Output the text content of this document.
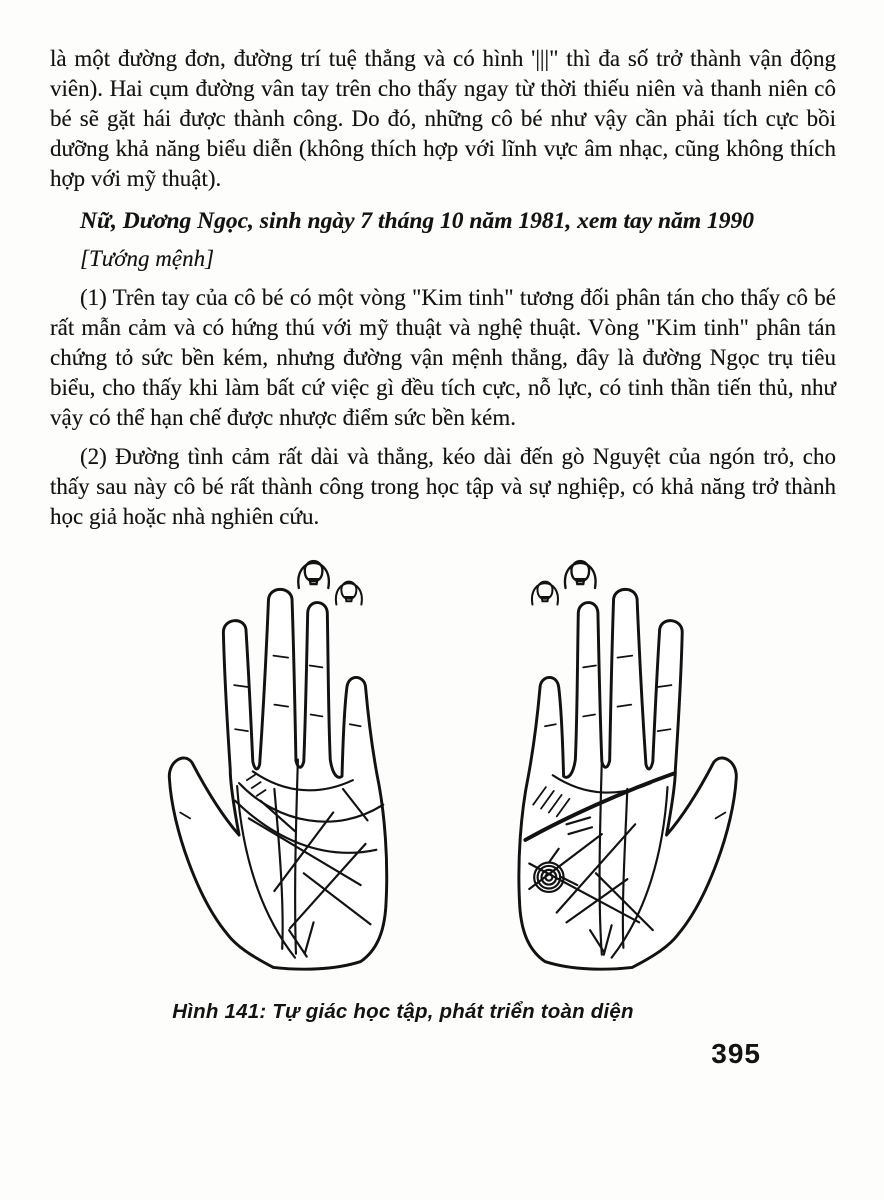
là một đường đơn, đường trí tuệ thẳng và có hình '|||" thì đa số trở thành vận động viên). Hai cụm đường vân tay trên cho thấy ngay từ thời thiếu niên và thanh niên cô bé sẽ gặt hái được thành công. Do đó, những cô bé như vậy cần phải tích cực bồi dưỡng khả năng biểu diễn (không thích hợp với lĩnh vực âm nhạc, cũng không thích hợp với mỹ thuật).

Nữ, Dương Ngọc, sinh ngày 7 tháng 10 năm 1981, xem tay năm 1990

[Tướng mệnh]

(1) Trên tay của cô bé có một vòng "Kim tinh" tương đối phân tán cho thấy cô bé rất mẫn cảm và có hứng thú với mỹ thuật và nghệ thuật. Vòng "Kim tinh" phân tán chứng tỏ sức bền kém, nhưng đường vận mệnh thẳng, đây là đường Ngọc trụ tiêu biểu, cho thấy khi làm bất cứ việc gì đều tích cực, nỗ lực, có tinh thần tiến thủ, như vậy có thể hạn chế được nhược điểm sức bền kém.

(2) Đường tình cảm rất dài và thẳng, kéo dài đến gò Nguyệt của ngón trỏ, cho thấy sau này cô bé rất thành công trong học tập và sự nghiệp, có khả năng trở thành học giả hoặc nhà nghiên cứu.

Hình 141: Tự giác học tập, phát triển toàn diện
395
